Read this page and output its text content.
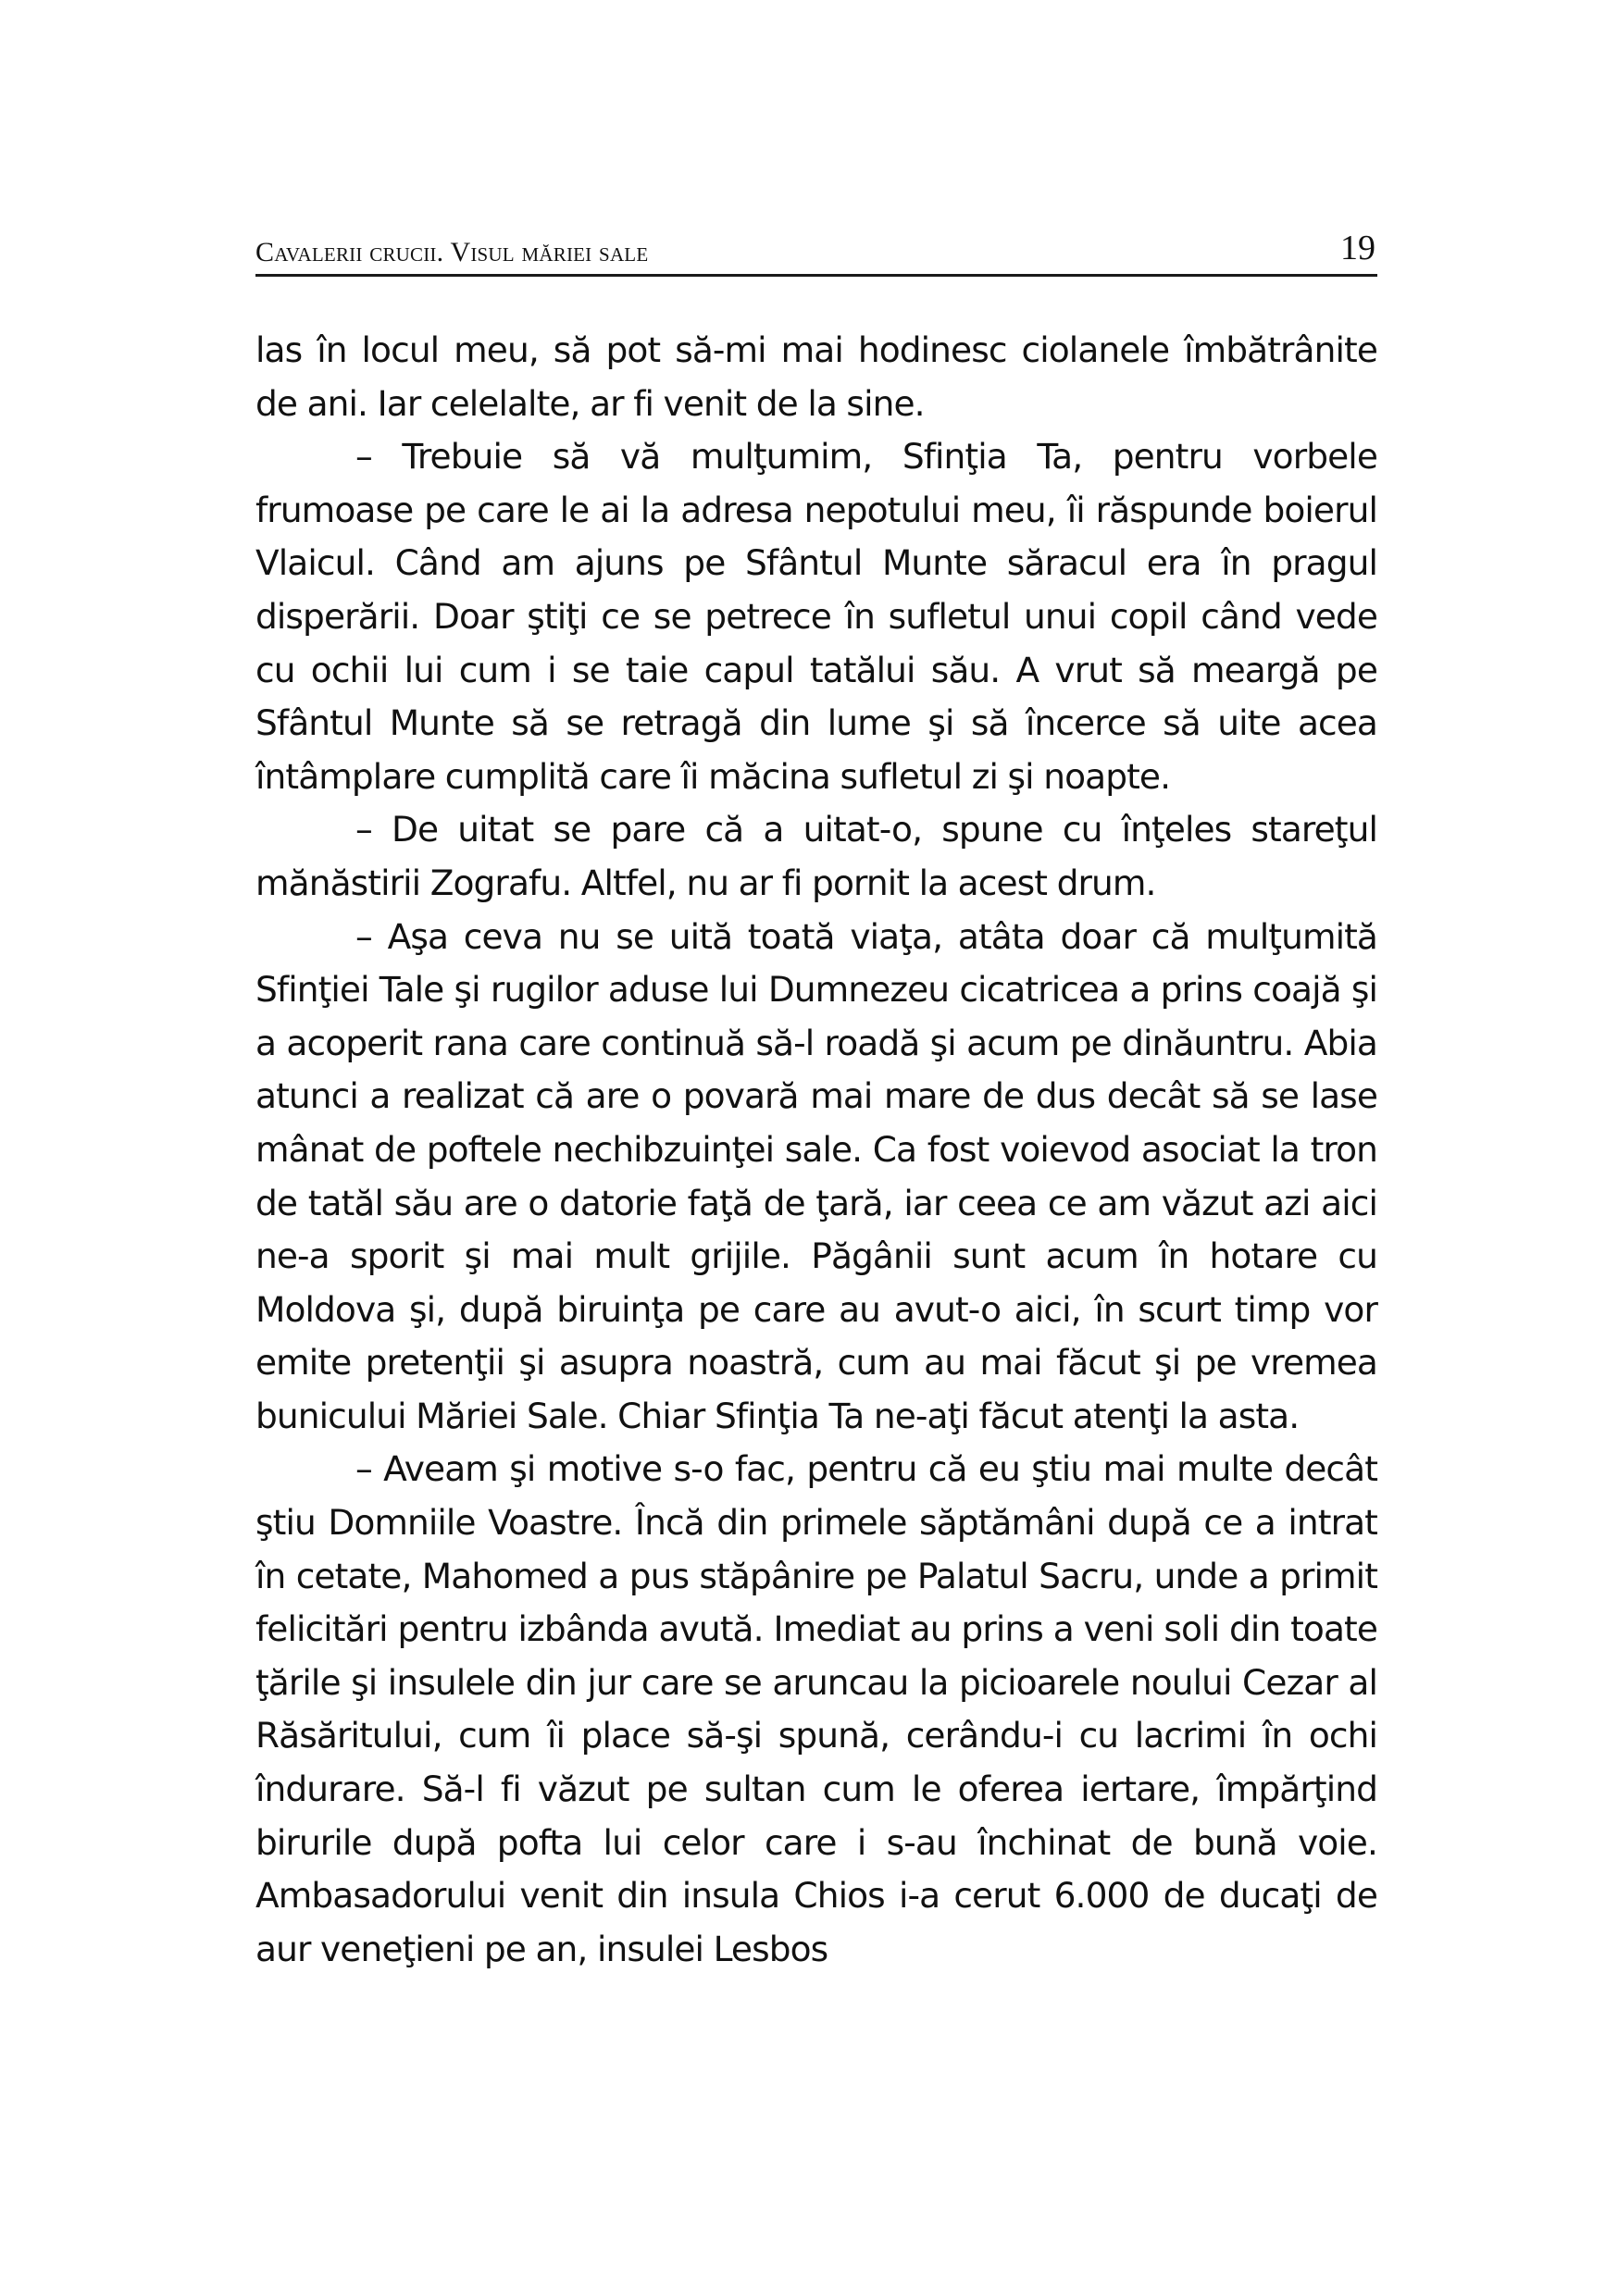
Cavalerii crucii. Visul măriei sale	19

las în locul meu, să pot să-mi mai hodinesc ciolanele îmbătrânite de ani. Iar celelalte, ar fi venit de la sine.

– Trebuie să vă mulţumim, Sfinţia Ta, pentru vorbele frumoase pe care le ai la adresa nepotului meu, îi răspunde boierul Vlaicul. Când am ajuns pe Sfântul Munte săracul era în pragul disperării. Doar ştiţi ce se petrece în sufletul unui copil când vede cu ochii lui cum i se taie capul tatălui său. A vrut să meargă pe Sfântul Munte să se retragă din lume şi să încerce să uite acea întâmplare cumplită care îi măcina sufletul zi şi noapte.

– De uitat se pare că a uitat-o, spune cu înţeles stareţul mănăstirii Zografu. Altfel, nu ar fi pornit la acest drum.

– Aşa ceva nu se uită toată viaţa, atâta doar că mulţumită Sfinţiei Tale şi rugilor aduse lui Dumnezeu cicatricea a prins coajă şi a acoperit rana care continuă să-l roadă şi acum pe dinăuntru. Abia atunci a realizat că are o povară mai mare de dus decât să se lase mânat de poftele nechibzuinţei sale. Ca fost voievod asociat la tron de tatăl său are o datorie faţă de ţară, iar ceea ce am văzut azi aici ne-a sporit şi mai mult grijile. Păgânii sunt acum în hotare cu Moldova şi, după biruinţa pe care au avut-o aici, în scurt timp vor emite pretenţii şi asupra noastră, cum au mai făcut şi pe vremea bunicului Măriei Sale. Chiar Sfinţia Ta ne-aţi făcut atenţi la asta.

– Aveam şi motive s-o fac, pentru că eu ştiu mai multe decât ştiu Domniile Voastre. Încă din primele săptămâni după ce a intrat în cetate, Mahomed a pus stăpânire pe Palatul Sacru, unde a primit felicitări pentru izbânda avută. Imediat au prins a veni soli din toate ţările şi insulele din jur care se aruncau la picioarele noului Cezar al Răsăritului, cum îi place să-şi spună, cerându-i cu lacrimi în ochi îndurare. Să-l fi văzut pe sultan cum le oferea iertare, împărţind birurile după pofta lui celor care i s-au închinat de bună voie. Ambasadorului venit din insula Chios i-a cerut 6.000 de ducaţi de aur veneţieni pe an, insulei Lesbos
